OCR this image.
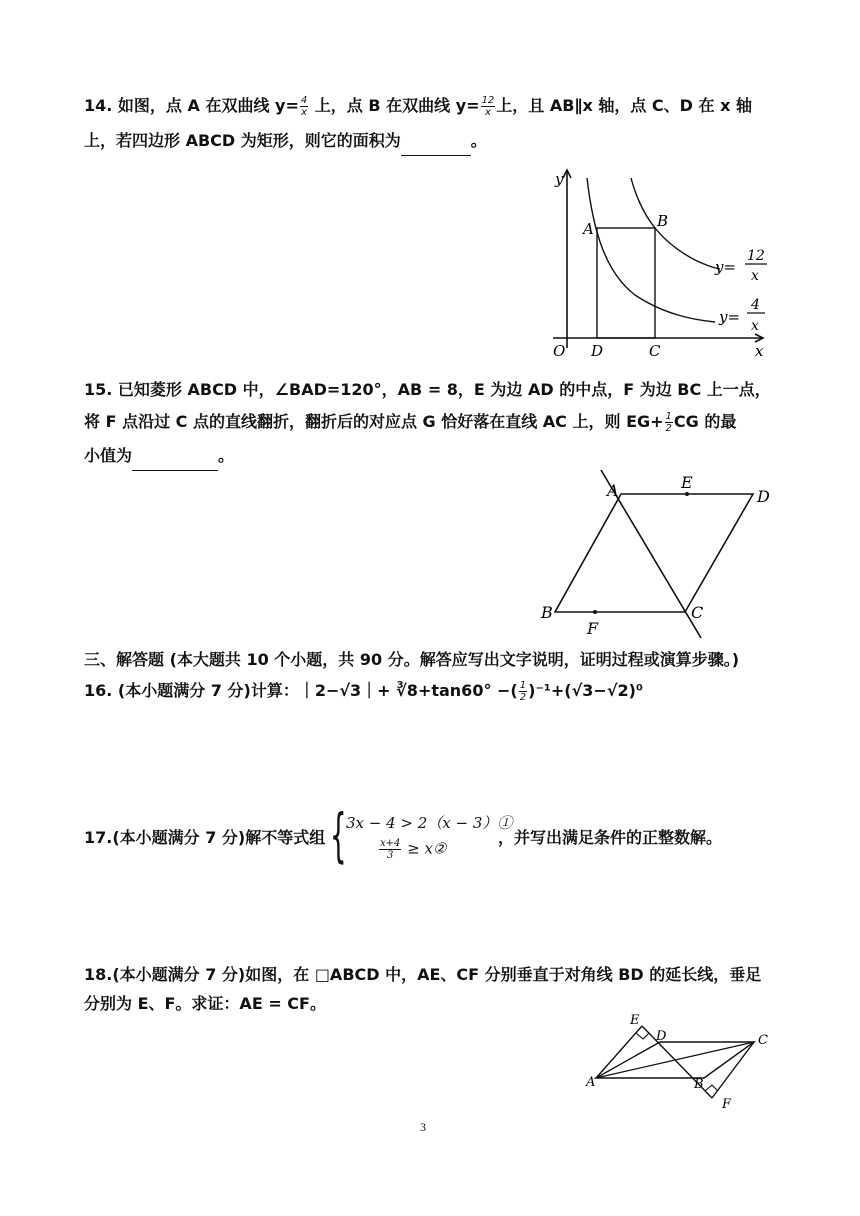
14. 如图，点 A 在双曲线 $y= \frac{4}{x}$ 上，点 B 在双曲线 $y= \frac{12}{x}$ 上，且 AB∥x 轴，点 C、D 在 x 轴
上，若四边形 ABCD 为矩形，则它的面积为	。
y
x
O
A	B
D	C
y=
12
x
y=
4
x
15. 已知菱形 ABCD 中，∠BAD=120°，AB = 8，E 为边 AD 的中点，F 为边 BC 上一点，
将 F 点沿过 C 点的直线翻折，翻折后的对应点 G 恰好落在直线 AC 上，则 $EG+ \frac{1}{2}$ CG 的最
小值为	。
A	E
D
B	C
F
三、解答题 (本大题共 10 个小题，共 90 分。解答应写出文字说明，证明过程或演算步骤。)
16. (本小题满分 7 分)计算：｜2−√3｜+ ∛8+tan60° −( $\frac{1}{2} )^{-1}+(√3-√2)^0$
17.(本小题满分 7 分)解不等式组 { 3x − 4 > 2（x − 3）①
$\frac{x+4}{3}$ ≥ x②
，并写出满足条件的正整数解。
18.(本小题满分 7 分)如图，在 □ABCD 中，AE、CF 分别垂直于对角线 BD 的延长线，垂足
分别为 E、F。求证：AE = CF。
E
D	C
A	B
F
3
